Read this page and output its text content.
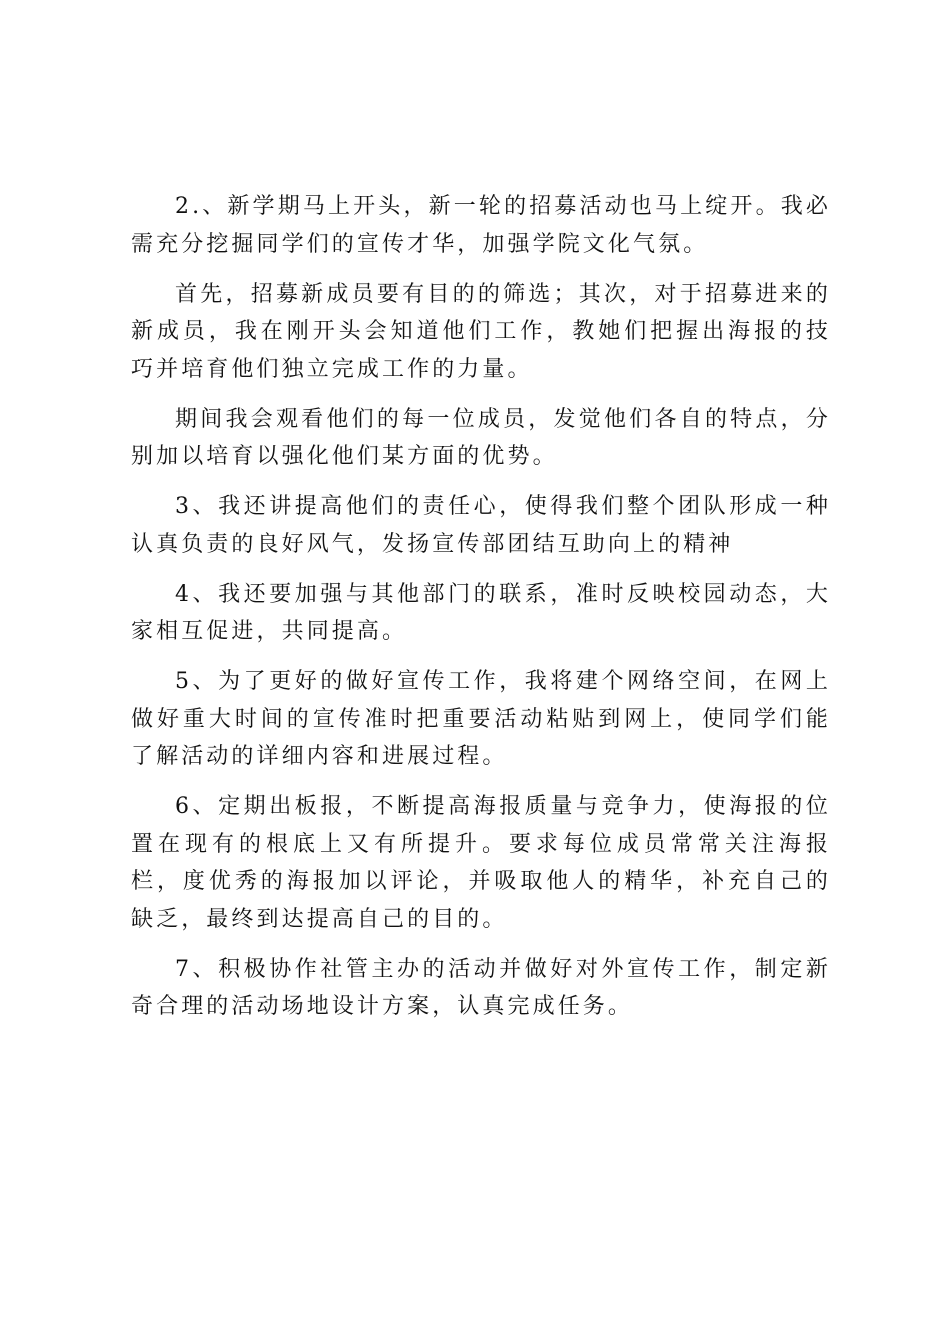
2.、新学期马上开头，新一轮的招募活动也马上绽开。我必需充分挖掘同学们的宣传才华，加强学院文化气氛。

首先，招募新成员要有目的的筛选；其次，对于招募进来的新成员，我在刚开头会知道他们工作，教她们把握出海报的技巧并培育他们独立完成工作的力量。

期间我会观看他们的每一位成员，发觉他们各自的特点，分别加以培育以强化他们某方面的优势。

3、我还讲提高他们的责任心，使得我们整个团队形成一种认真负责的良好风气，发扬宣传部团结互助向上的精神

4、我还要加强与其他部门的联系，准时反映校园动态，大家相互促进，共同提高。

5、为了更好的做好宣传工作，我将建个网络空间，在网上做好重大时间的宣传准时把重要活动粘贴到网上，使同学们能了解活动的详细内容和进展过程。

6、定期出板报，不断提高海报质量与竞争力，使海报的位置在现有的根底上又有所提升。要求每位成员常常关注海报栏，度优秀的海报加以评论，并吸取他人的精华，补充自己的缺乏，最终到达提高自己的目的。

7、积极协作社管主办的活动并做好对外宣传工作，制定新奇合理的活动场地设计方案，认真完成任务。
